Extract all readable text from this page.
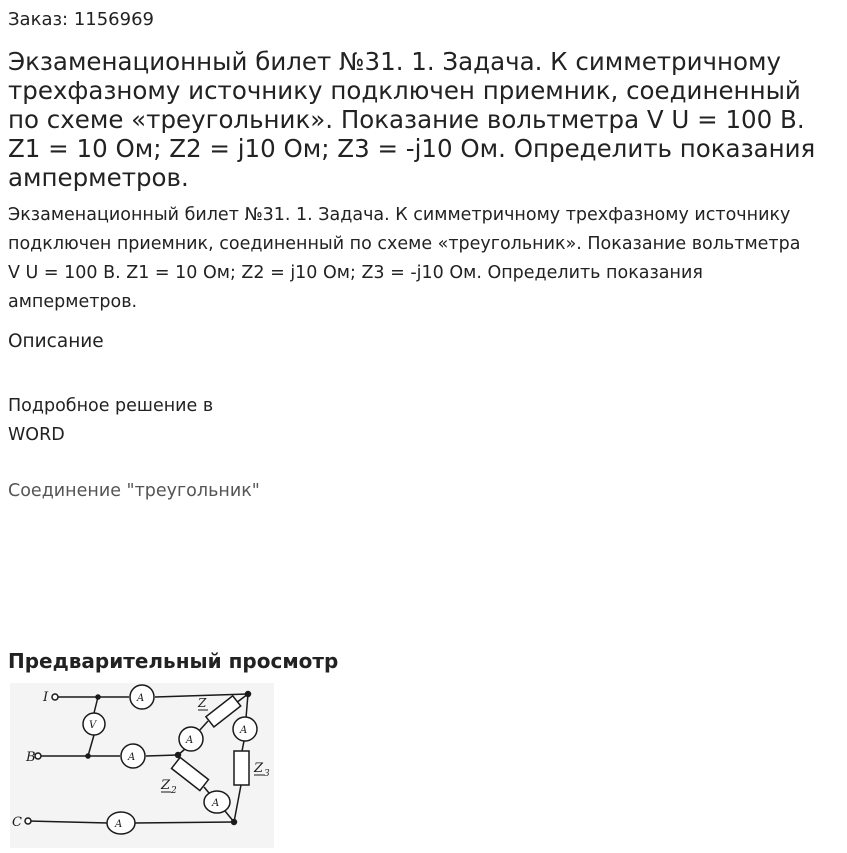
Заказ: 1156969
Экзаменационный билет №31. 1. Задача. К симметричному трехфазному источнику подключен приемник, соединенный по схеме «треугольник». Показание вольтметра V U = 100 В. Z1 = 10 Ом; Z2 = j10 Ом; Z3 = -j10 Ом. Определить показания амперметров.

Экзаменационный билет №31. 1. Задача. К симметричному трехфазному источнику подключен приемник, соединенный по схеме «треугольник». Показание вольтметра V U = 100 В. Z1 = 10 Ом; Z2 = j10 Ом; Z3 = -j10 Ом. Определить показания амперметров.

Описание
Подробное решение в WORD
Соединение "треугольник"
Предварительный просмотр
I
B
C
V
A
A
A
A
A
A
Z
Z 3
Z 2
